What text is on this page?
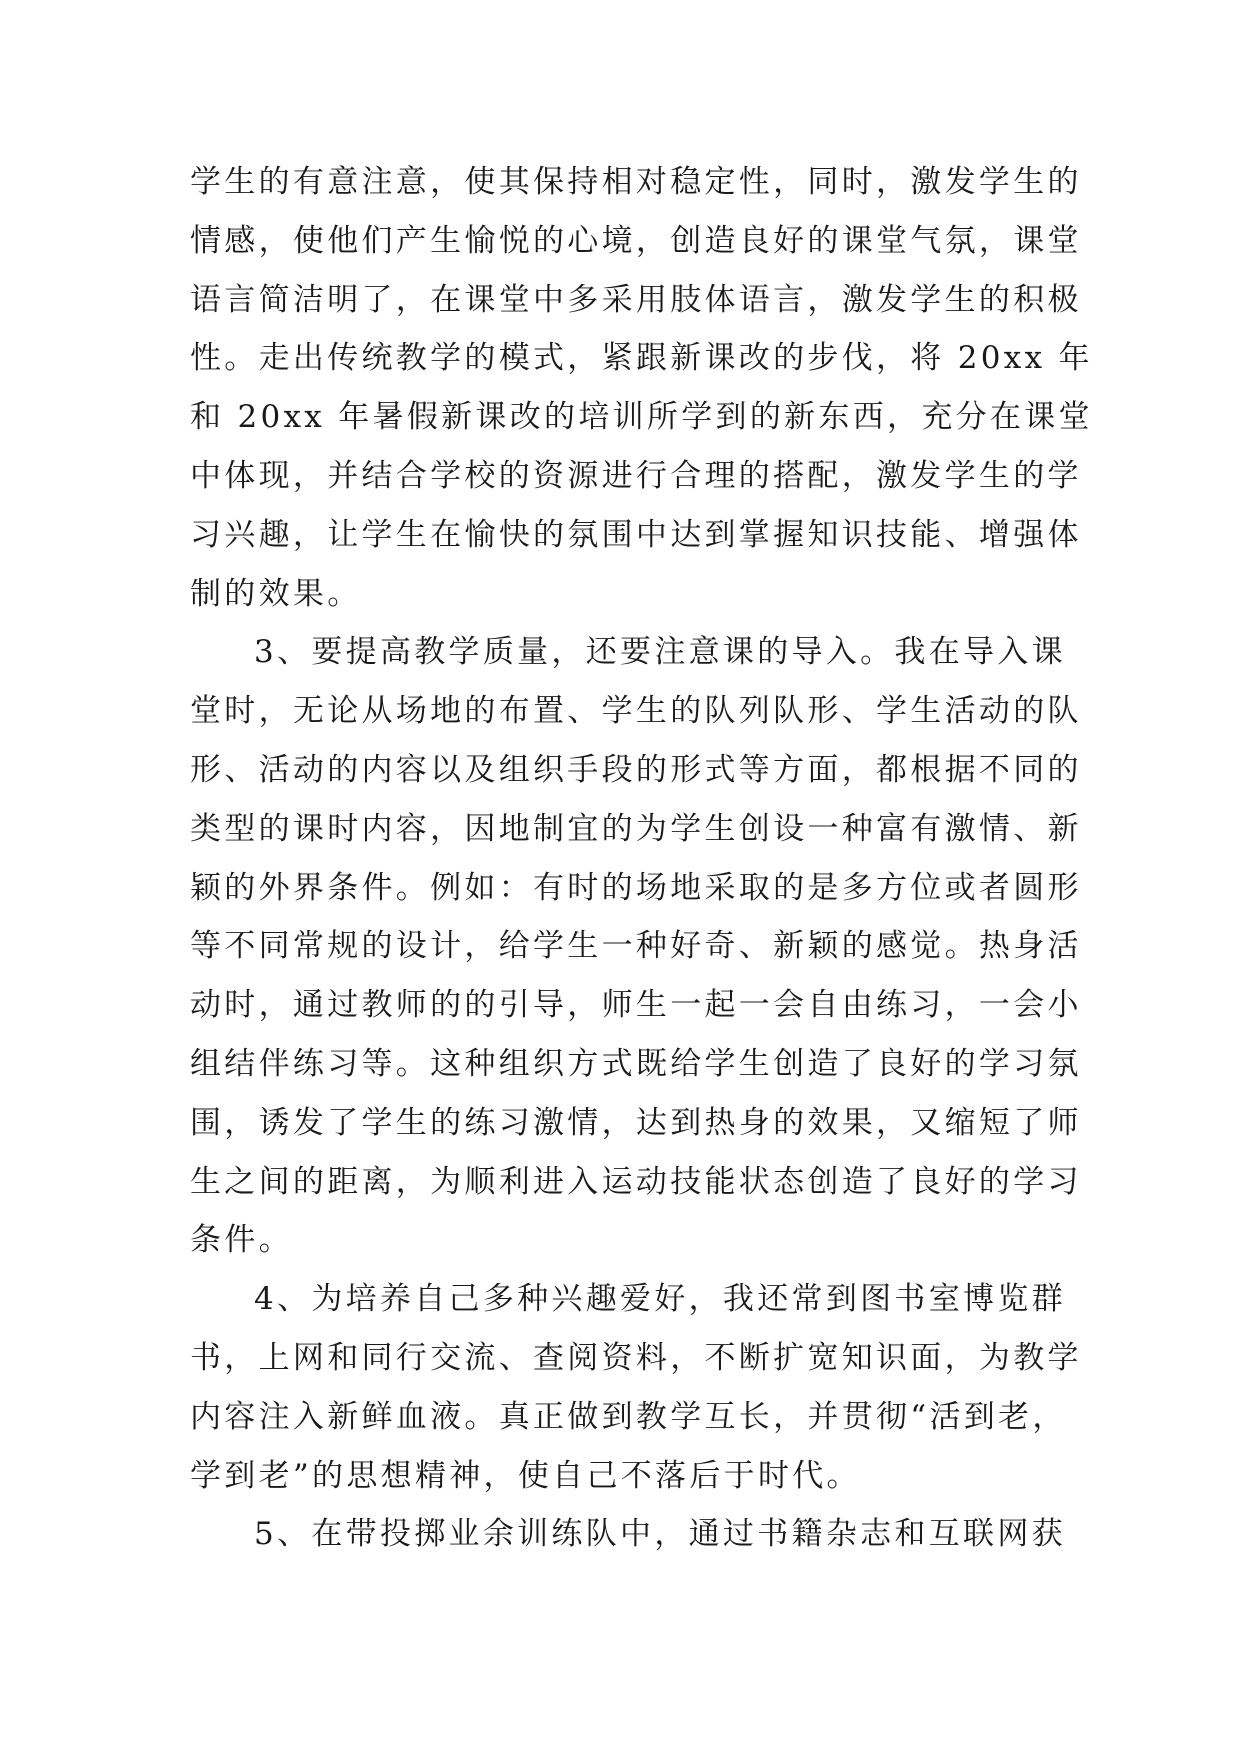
学生的有意注意，使其保持相对稳定性，同时，激发学生的
情感，使他们产生愉悦的心境，创造良好的课堂气氛，课堂
语言简洁明了，在课堂中多采用肢体语言，激发学生的积极
性。走出传统教学的模式，紧跟新课改的步伐，将 20xx 年
和 20xx 年暑假新课改的培训所学到的新东西，充分在课堂
中体现，并结合学校的资源进行合理的搭配，激发学生的学
习兴趣，让学生在愉快的氛围中达到掌握知识技能、增强体
制的效果。
3、要提高教学质量，还要注意课的导入。我在导入课
堂时，无论从场地的布置、学生的队列队形、学生活动的队
形、活动的内容以及组织手段的形式等方面，都根据不同的
类型的课时内容，因地制宜的为学生创设一种富有激情、新
颖的外界条件。例如：有时的场地采取的是多方位或者圆形
等不同常规的设计，给学生一种好奇、新颖的感觉。热身活
动时，通过教师的的引导，师生一起一会自由练习，一会小
组结伴练习等。这种组织方式既给学生创造了良好的学习氛
围，诱发了学生的练习激情，达到热身的效果，又缩短了师
生之间的距离，为顺利进入运动技能状态创造了良好的学习
条件。
4、为培养自己多种兴趣爱好，我还常到图书室博览群
书，上网和同行交流、查阅资料，不断扩宽知识面，为教学
内容注入新鲜血液。真正做到教学互长，并贯彻“活到老，
学到老”的思想精神，使自己不落后于时代。
5、在带投掷业余训练队中，通过书籍杂志和互联网获
